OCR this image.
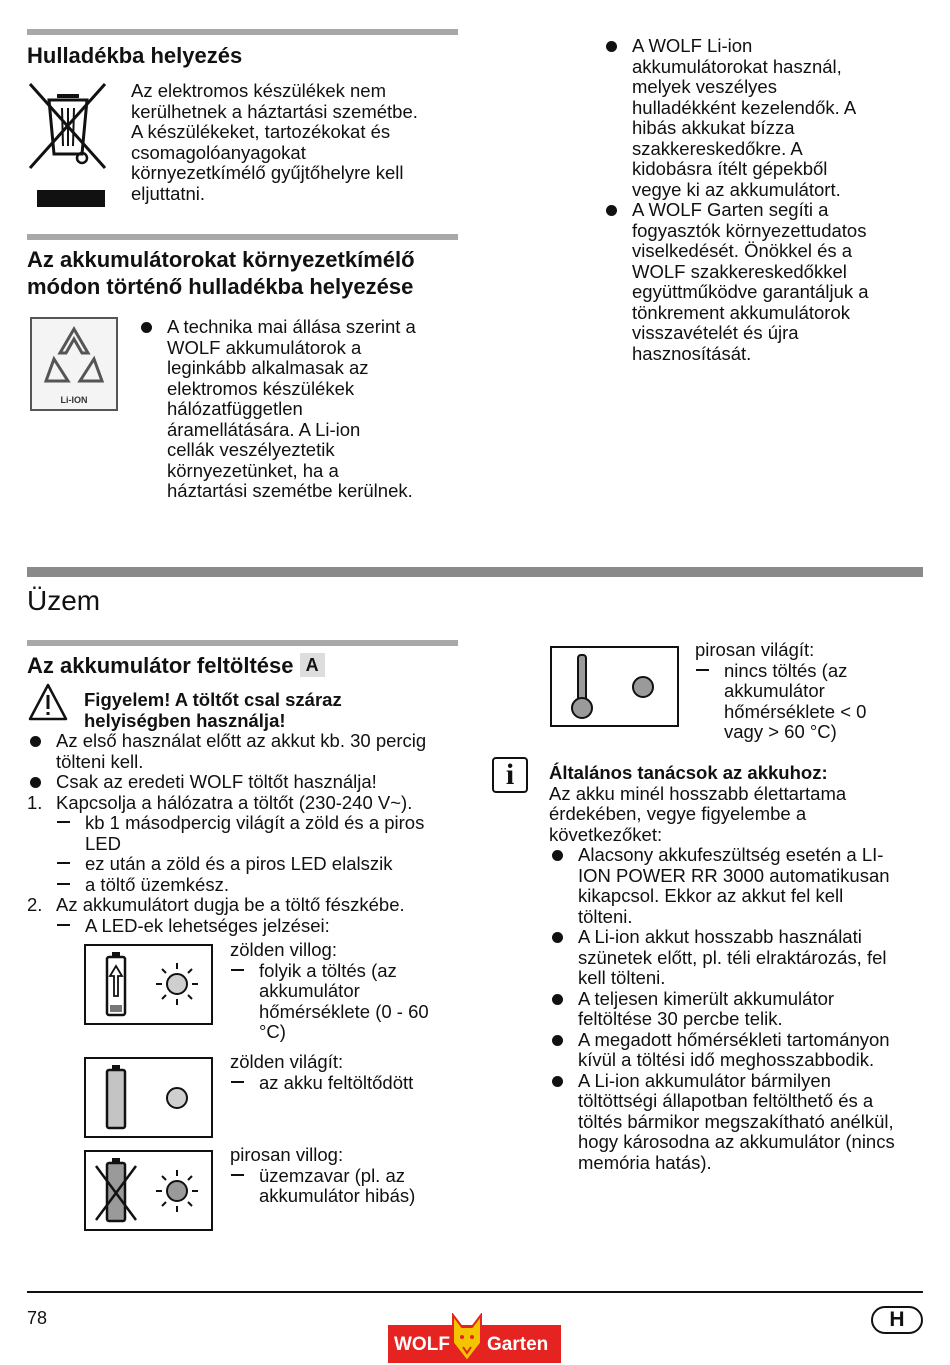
Hulladékba helyezés
Az elektromos készülékek nem
kerülhetnek a háztartási szemétbe.
A készülékeket, tartozékokat és
csomagolóanyagokat
környezetkímélő gyűjtőhelyre kell
eljuttatni.
Az akkumulátorokat környezetkímélő
módon történő hulladékba helyezése
Li-ION
A technika mai állása szerint a
WOLF akkumulátorok a
leginkább alkalmasak az
elektromos készülékek
hálózatfüggetlen
áramellátására. A Li-ion
cellák veszélyeztetik
környezetünket, ha a
háztartási szemétbe kerülnek.
A WOLF Li-ion
akkumulátorokat használ,
melyek veszélyes
hulladékként kezelendők. A
hibás akkukat bízza
szakkereskedőkre. A
kidobásra ítélt gépekből
vegye ki az akkumulátort.
A WOLF Garten segíti a
fogyasztók környezettudatos
viselkedését. Önökkel és a
WOLF szakkereskedőkkel
együttműködve garantáljuk a
tönkrement akkumulátorok
visszavételét és újra
hasznosítását.
Üzem
Az akkumulátor feltöltése A
Figyelem! A töltőt csal száraz
helyiségben használja!
Az első használat előtt az akkut kb. 30 percig
tölteni kell.
Csak az eredeti WOLF töltőt használja!
1. Kapcsolja a hálózatra a töltőt (230-240 V~).
kb 1 másodpercig világít a zöld és a piros
LED
ez után a zöld és a piros LED elalszik
a töltő üzemkész.
2. Az akkumulátort dugja be a töltő fészkébe.
A LED-ek lehetséges jelzései:
zölden villog:
folyik a töltés (az
akkumulátor
hőmérséklete (0 - 60
°C)
zölden világít:
az akku feltöltődött
pirosan villog:
üzemzavar (pl. az
akkumulátor hibás)
pirosan világít:
nincs töltés (az
akkumulátor
hőmérséklete < 0
vagy > 60 °C)
i	Általános tanácsok az akkuhoz:
Az akku minél hosszabb élettartama
érdekében, vegye figyelembe a
következőket:
Alacsony akkufeszültség esetén a LI-
ION POWER RR 3000 automatikusan
kikapcsol. Ekkor az akkut fel kell
tölteni.
A Li-ion akkut hosszabb használati
szünetek előtt, pl. téli elraktározás, fel
kell tölteni.
A teljesen kimerült akkumulátor
feltöltése 30 percbe telik.
A megadott hőmérsékleti tartományon
kívül a töltési idő meghosszabbodik.
A Li-ion akkumulátor bármilyen
töltöttségi állapotban feltölthető és a
töltés bármikor megszakítható anélkül,
hogy károsodna az akkumulátor (nincs
memória hatás).
78
WOLF Garten
H
